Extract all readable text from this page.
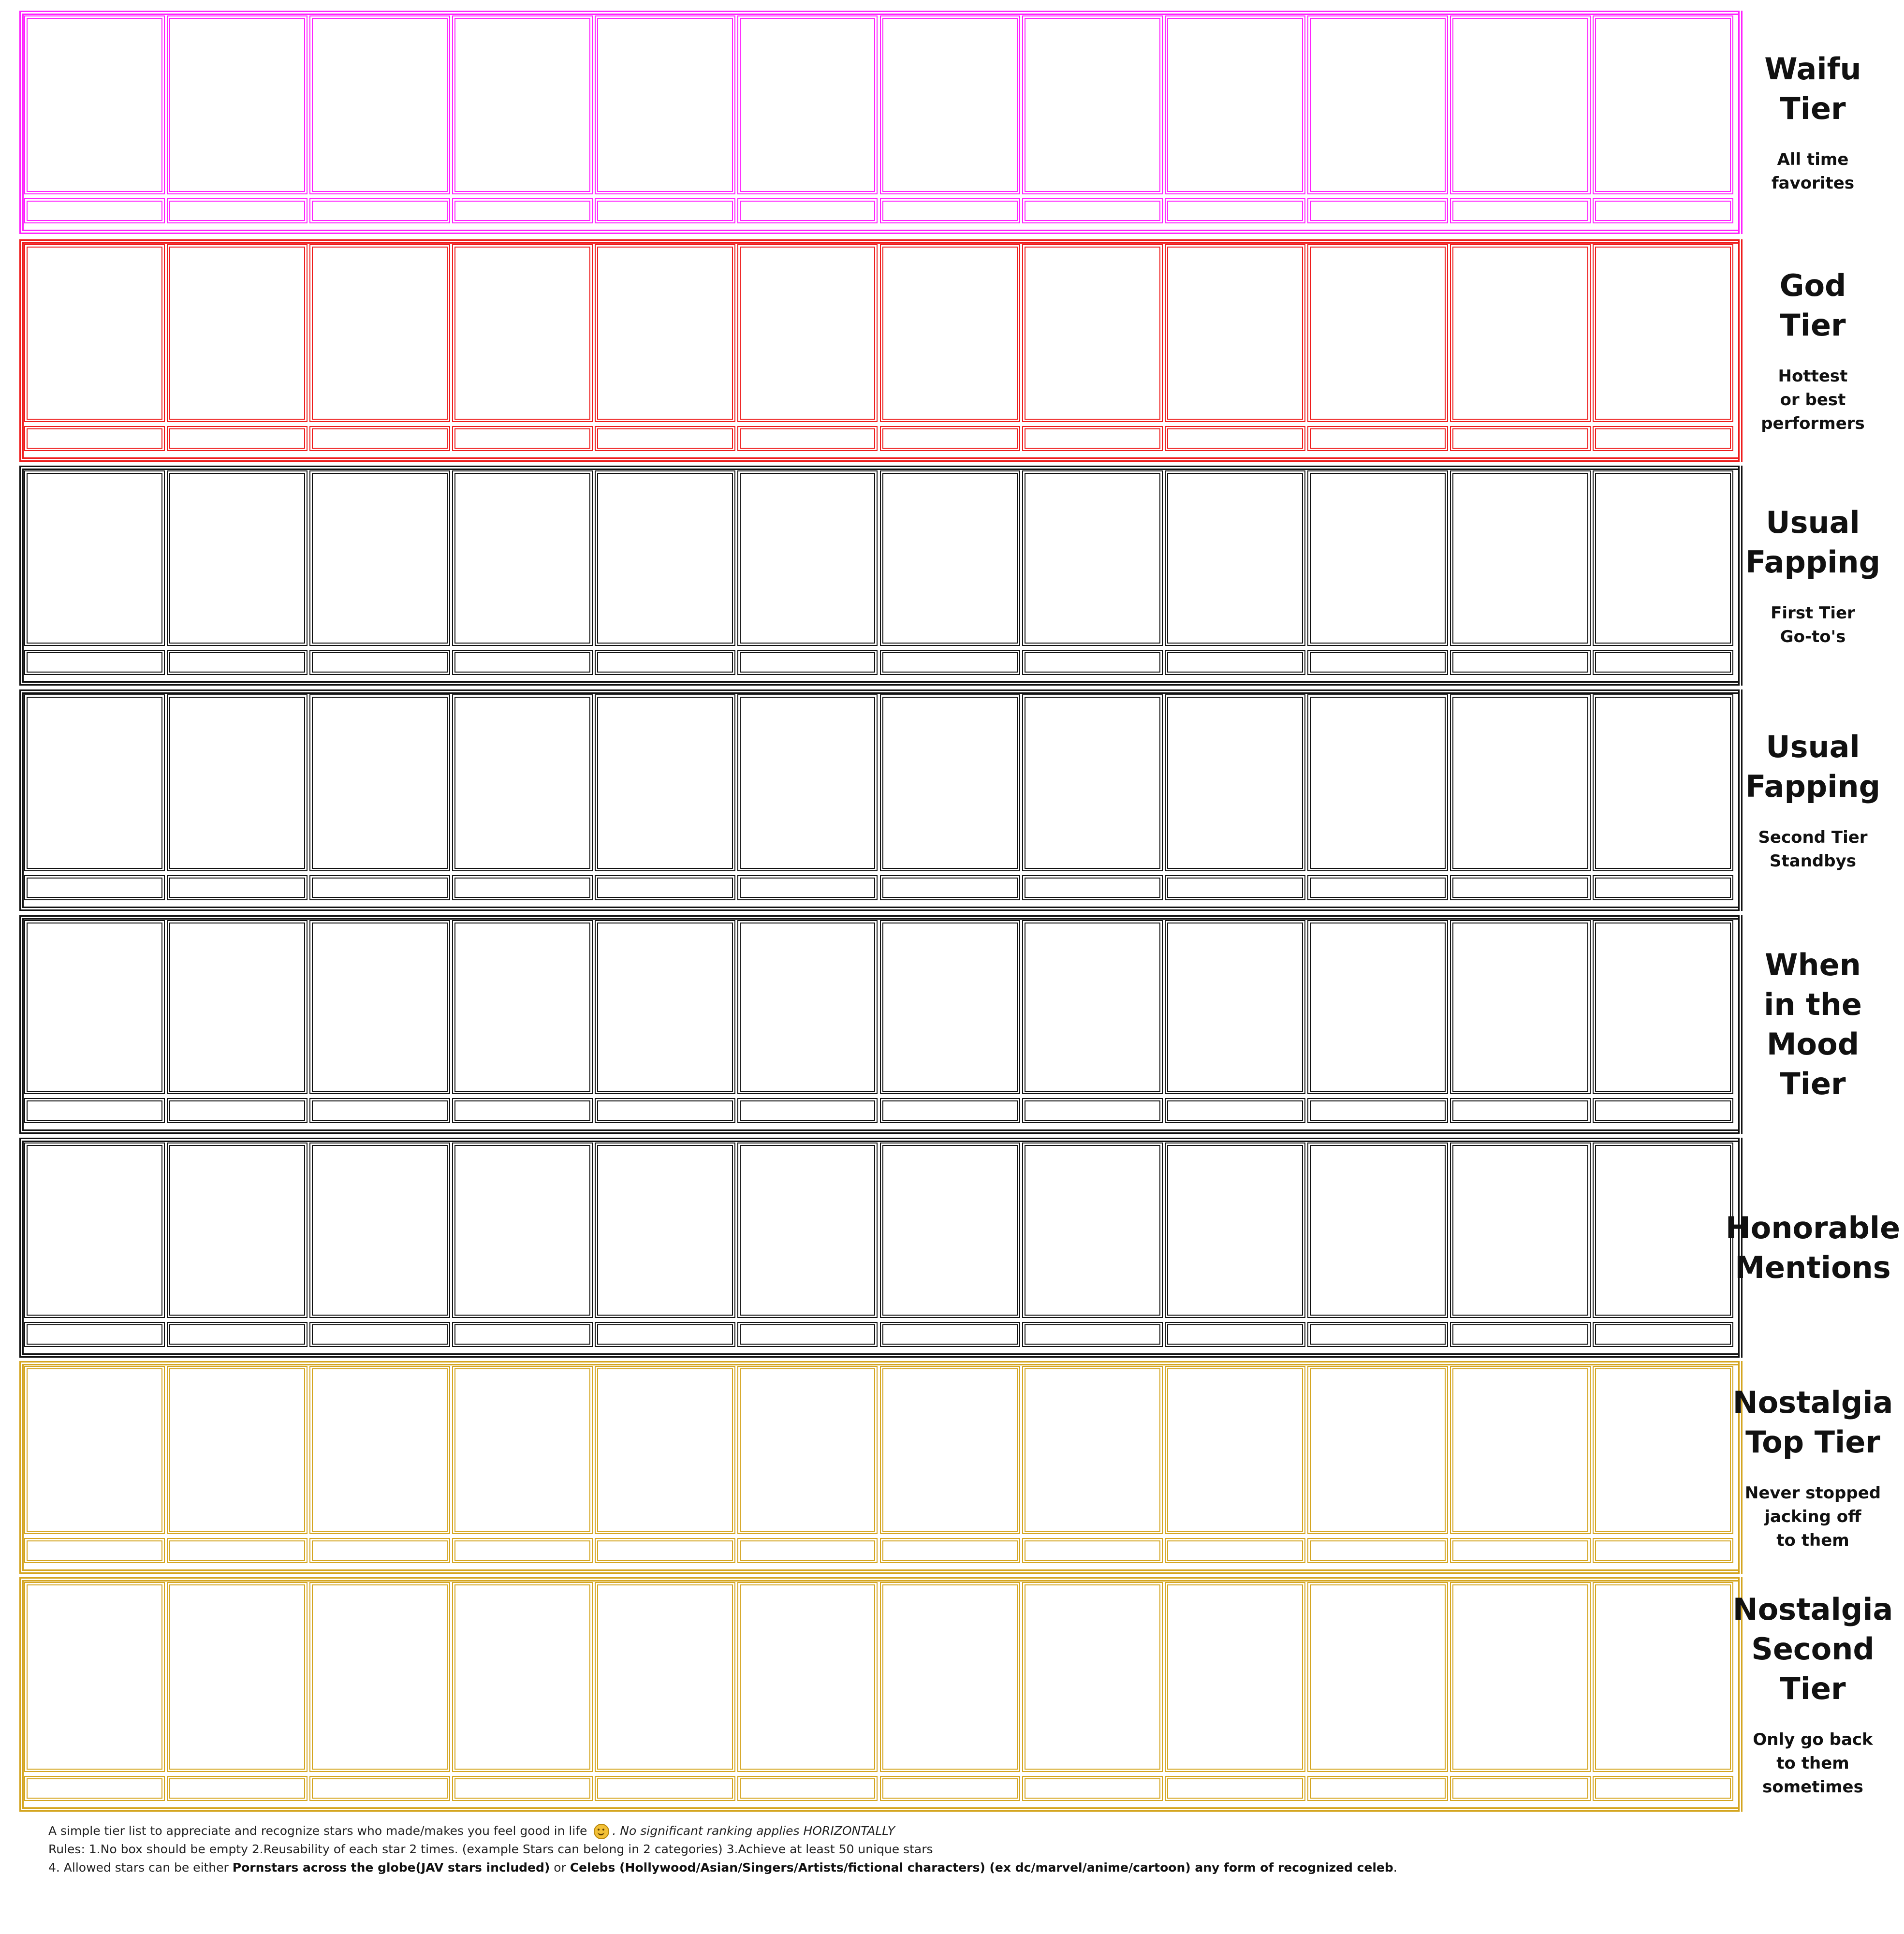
Waifu
Tier
All time
favorites
God
Tier
Hottest
or best
performers
Usual
Fapping
First Tier
Go-to's
Usual
Fapping
Second Tier
Standbys
When
in the
Mood
Tier
Honorable
Mentions
Nostalgia
Top Tier
Never stopped
jacking off
to them
Nostalgia
Second
Tier
Only go back
to them
sometimes
A simple tier list to appreciate and recognize stars who made/makes you feel good in life . No significant ranking applies HORIZONTALLY
Rules: 1.No box should be empty 2.Reusability of each star 2 times. (example Stars can belong in 2 categories) 3.Achieve at least 50 unique stars
4. Allowed stars can be either Pornstars across the globe(JAV stars included) or Celebs (Hollywood/Asian/Singers/Artists/fictional characters) (ex dc/marvel/anime/cartoon) any form of recognized celeb.
